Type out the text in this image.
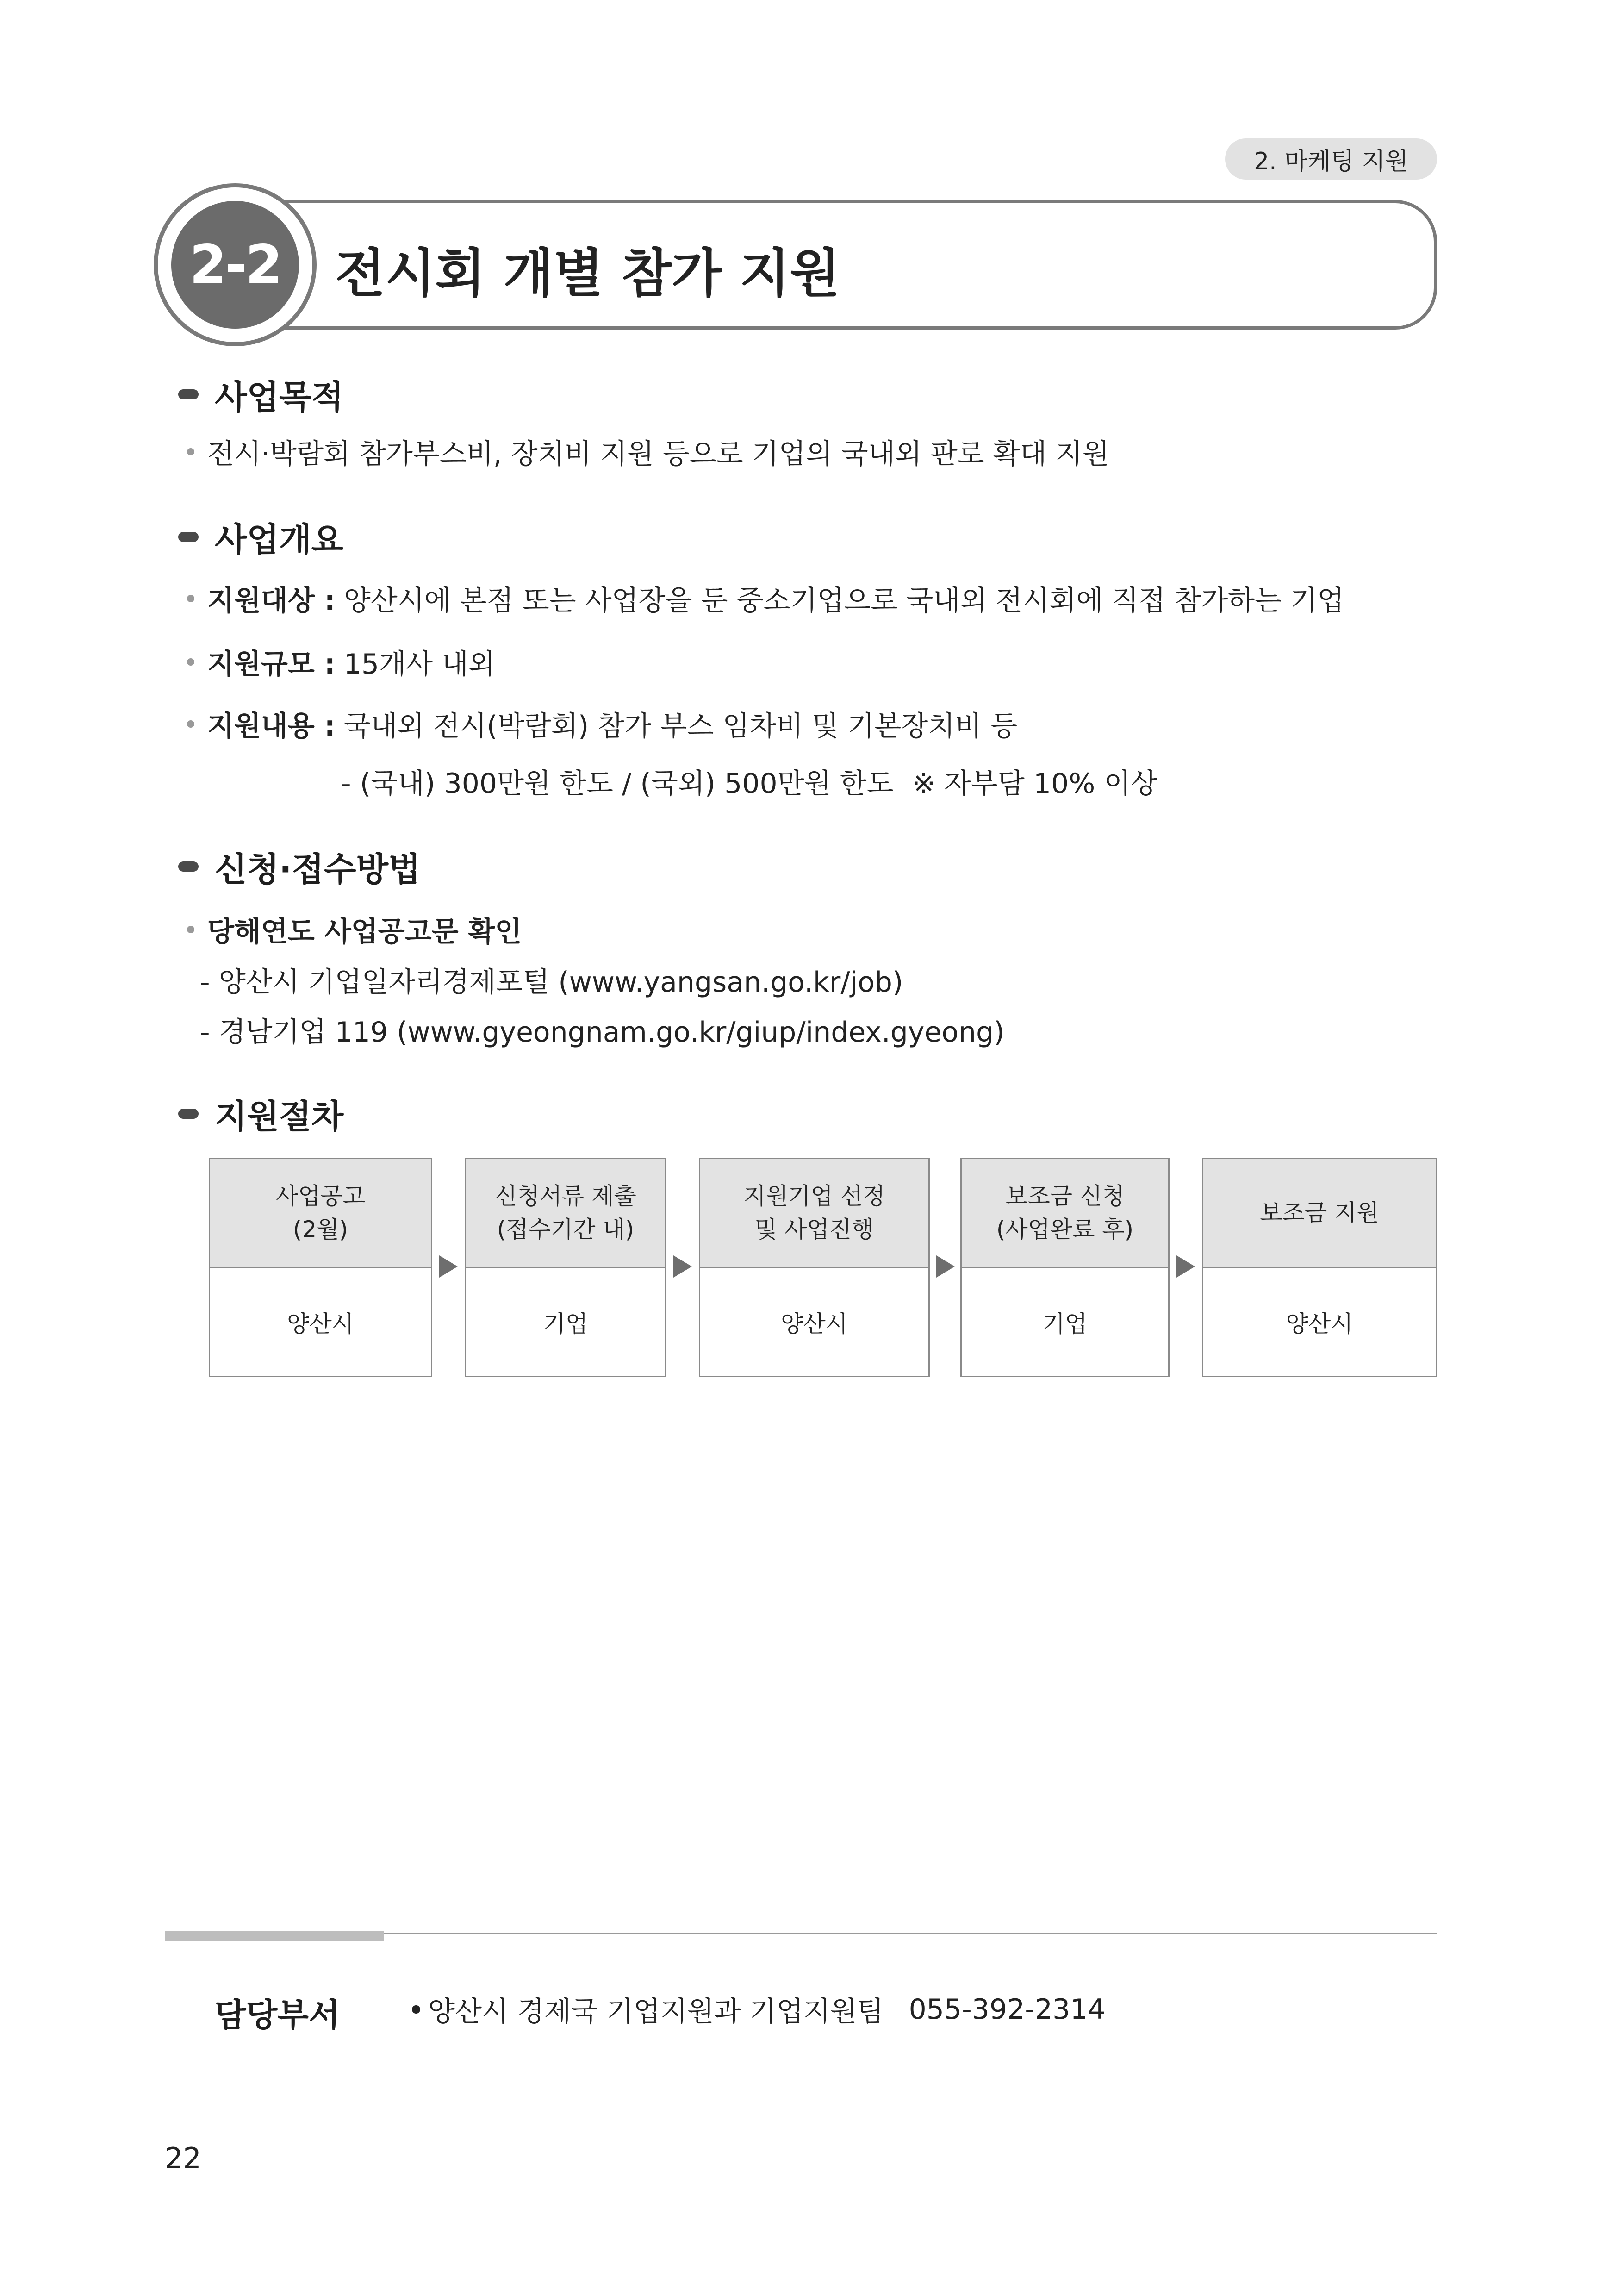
2. 마케팅 지원
2-2	전시회 개별 참가 지원
사업목적
전시·박람회 참가부스비, 장치비 지원 등으로 기업의 국내외 판로 확대 지원
사업개요
지원대상 : 양산시에 본점 또는 사업장을 둔 중소기업으로 국내외 전시회에 직접 참가하는 기업
지원규모 : 15개사 내외
지원내용 : 국내외 전시(박람회) 참가 부스 임차비 및 기본장치비 등
- (국내) 300만원 한도 / (국외) 500만원 한도 ※ 자부담 10% 이상
신청·접수방법
당해연도 사업공고문 확인
- 양산시 기업일자리경제포털 (www.yangsan.go.kr/job)
- 경남기업 119 (www.gyeongnam.go.kr/giup/index.gyeong)
지원절차
사업공고
(2월)
양산시
신청서류 제출
(접수기간 내)
기업
지원기업 선정
및 사업진행
양산시
보조금 신청
(사업완료 후)
기업
보조금 지원
양산시
담당부서	양산시 경제국 기업지원과 기업지원팀 055-392-2314
22
